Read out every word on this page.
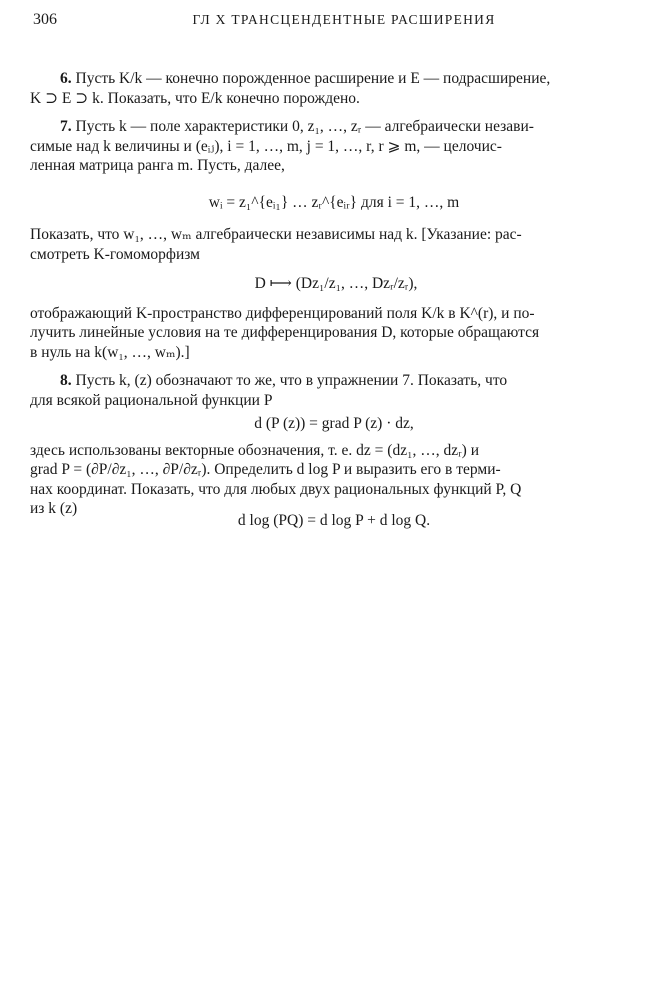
306	ГЛ X ТРАНСЦЕНДЕНТНЫЕ РАСШИРЕНИЯ

6. Пусть K/k — конечно порожденное расширение и E — подрасширение,

K ⊃ E ⊃ k. Показать, что E/k конечно порождено.

7. Пусть k — поле характеристики 0, z₁, …, zᵣ — алгебраически незави-

симые над k величины и (eᵢⱼ), i = 1, …, m, j = 1, …, r, r ⩾ m, — целочис-

ленная матрица ранга m. Пусть, далее,

wᵢ = z₁^{eᵢ₁} … zᵣ^{eᵢᵣ} для i = 1, …, m

Показать, что w₁, …, wₘ алгебраически независимы над k. [Указание: рас-

смотреть K-гомоморфизм

D ⟼ (Dz₁/z₁, …, Dzᵣ/zᵣ),

отображающий K-пространство дифференцирований поля K/k в K^(r), и по-

лучить линейные условия на те дифференцирования D, которые обращаются

в нуль на k(w₁, …, wₘ).]

8. Пусть k, (z) обозначают то же, что в упражнении 7. Показать, что

для всякой рациональной функции P

d (P (z)) = grad P (z) · dz,

здесь использованы векторные обозначения, т. е. dz = (dz₁, …, dzᵣ) и

grad P = (∂P/∂z₁, …, ∂P/∂zᵣ). Определить d log P и выразить его в терми-

нах координат. Показать, что для любых двух рациональных функций P, Q

из k (z)

d log (PQ) = d log P + d log Q.
